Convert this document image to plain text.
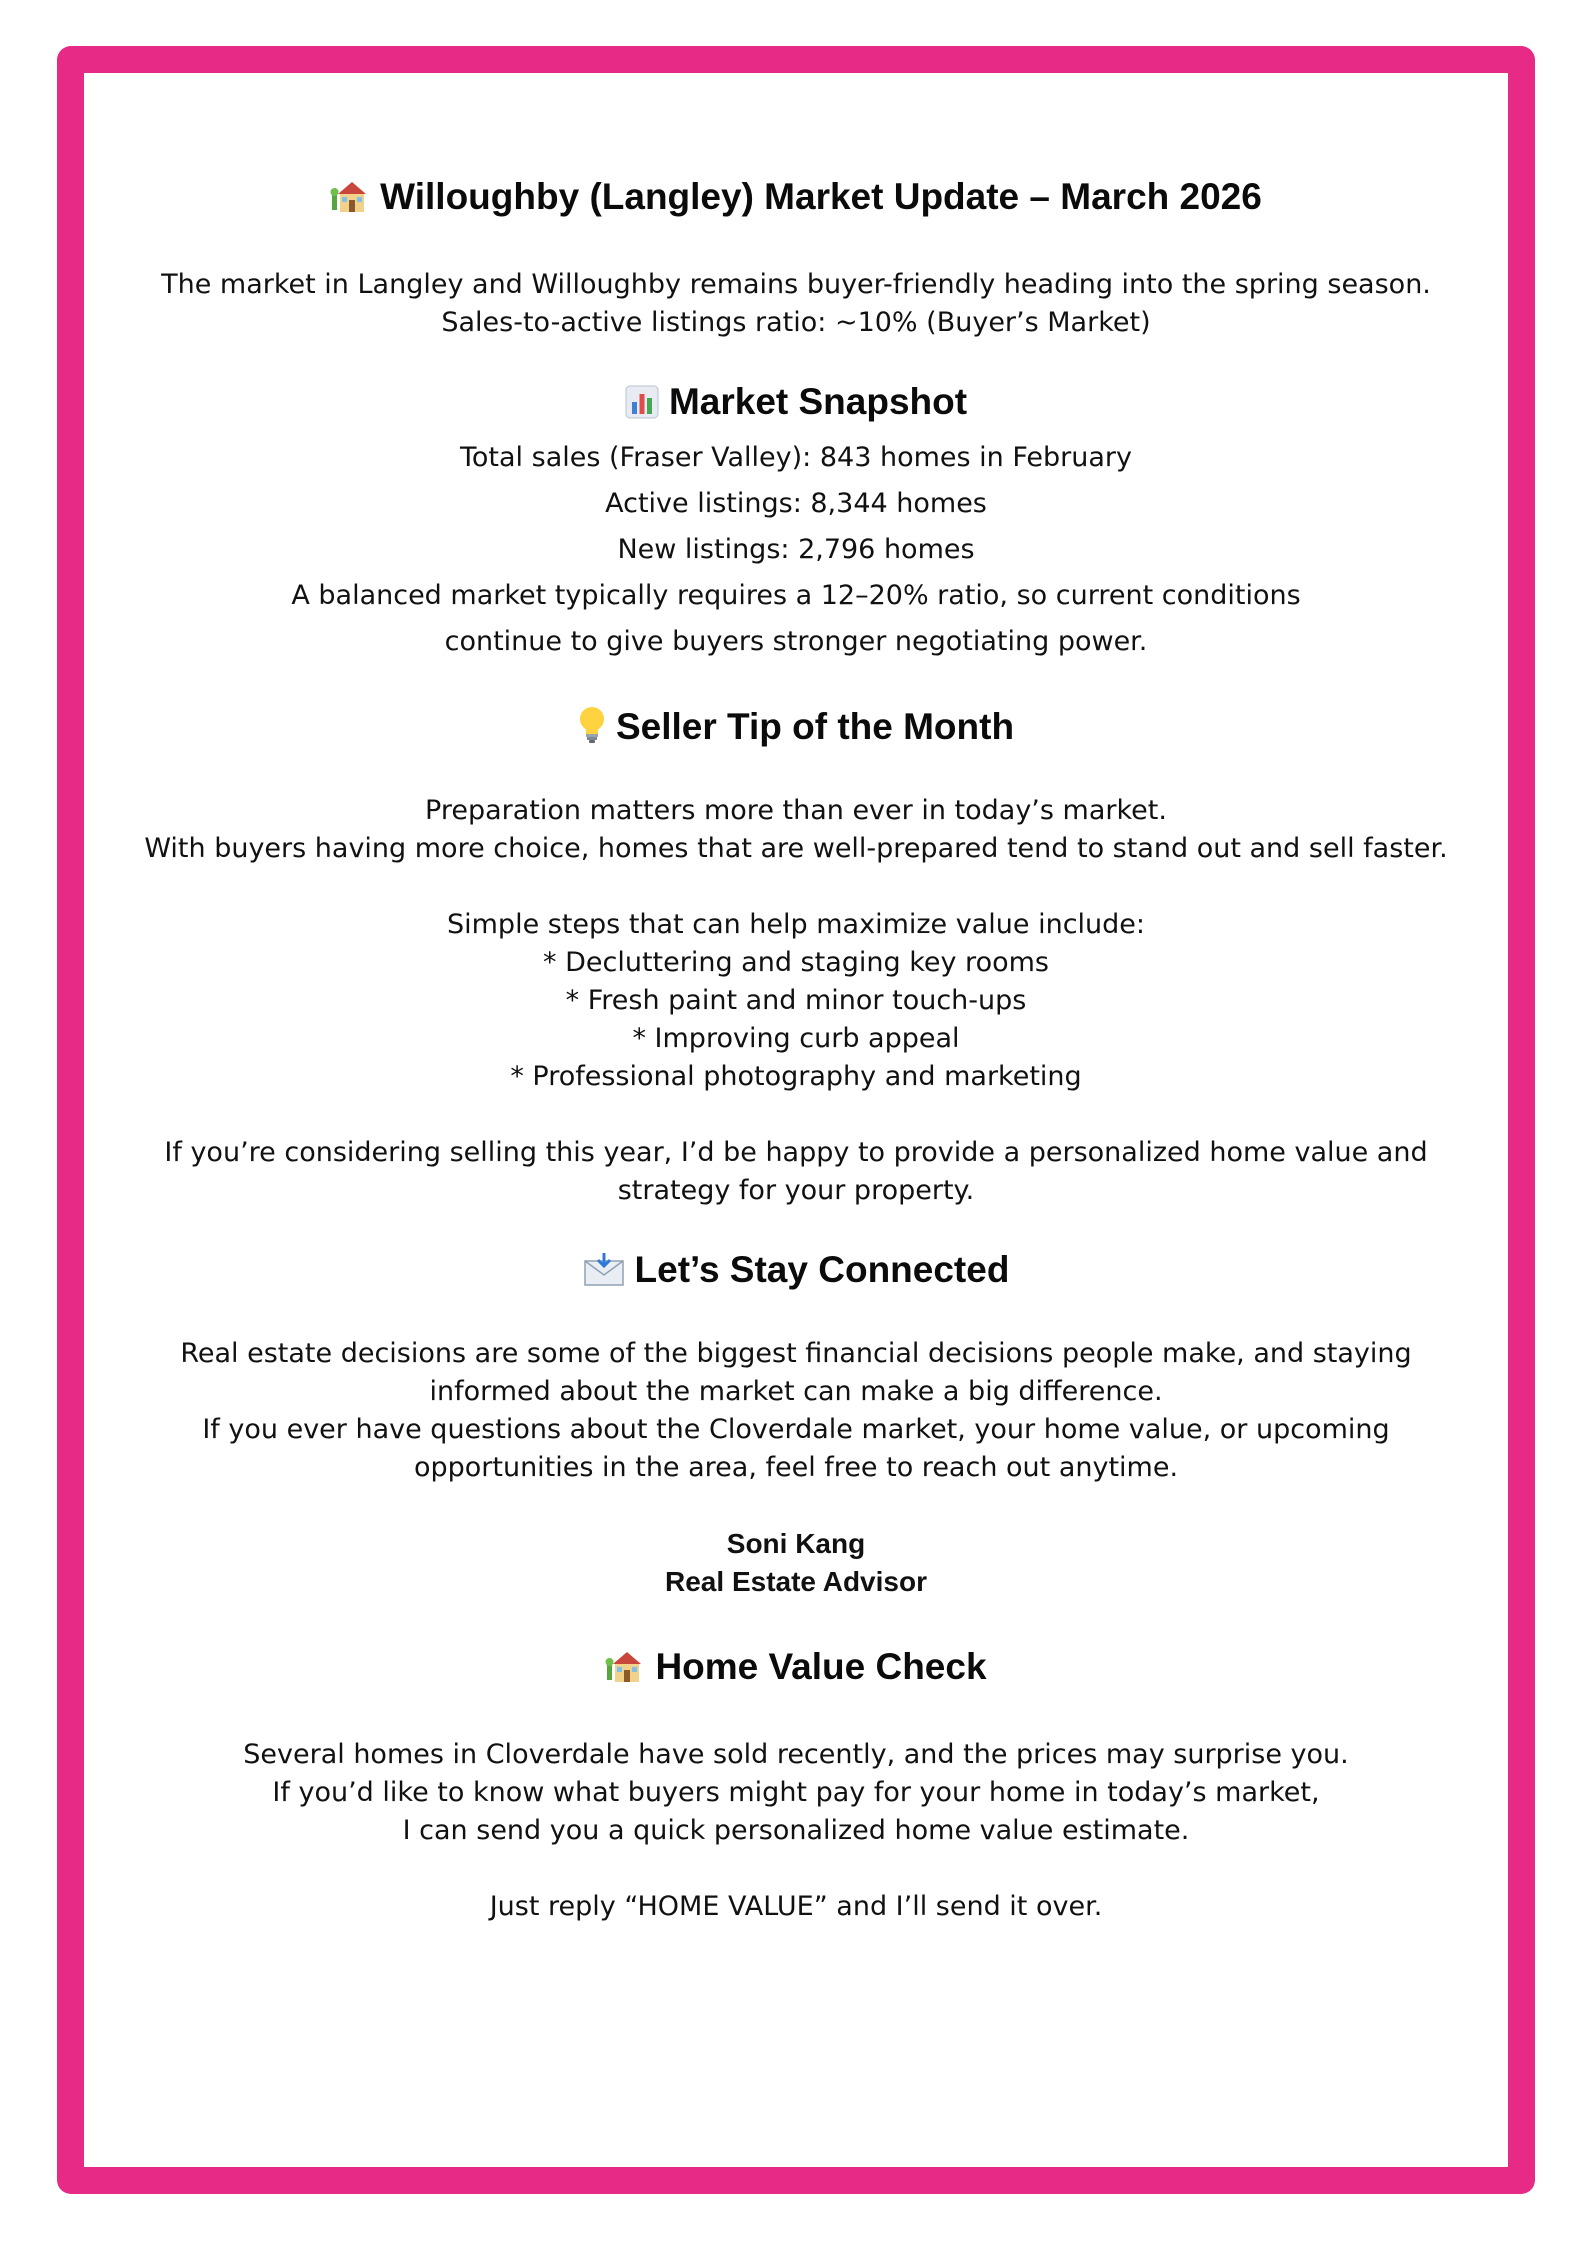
Willoughby (Langley) Market Update – March 2026

The market in Langley and Willoughby remains buyer-friendly heading into the spring season.

Sales-to-active listings ratio: ~10% (Buyer’s Market)

Market Snapshot

Total sales (Fraser Valley): 843 homes in February

Active listings: 8,344 homes

New listings: 2,796 homes

A balanced market typically requires a 12–20% ratio, so current conditions

continue to give buyers stronger negotiating power.

Seller Tip of the Month

Preparation matters more than ever in today’s market.

With buyers having more choice, homes that are well-prepared tend to stand out and sell faster.

Simple steps that can help maximize value include:

* Decluttering and staging key rooms

* Fresh paint and minor touch-ups

* Improving curb appeal

* Professional photography and marketing

If you’re considering selling this year, I’d be happy to provide a personalized home value and

strategy for your property.

Let’s Stay Connected

Real estate decisions are some of the biggest financial decisions people make, and staying

informed about the market can make a big difference.

If you ever have questions about the Cloverdale market, your home value, or upcoming

opportunities in the area, feel free to reach out anytime.

Soni Kang

Real Estate Advisor

Home Value Check

Several homes in Cloverdale have sold recently, and the prices may surprise you.

If you’d like to know what buyers might pay for your home in today’s market,

I can send you a quick personalized home value estimate.

Just reply “HOME VALUE” and I’ll send it over.
